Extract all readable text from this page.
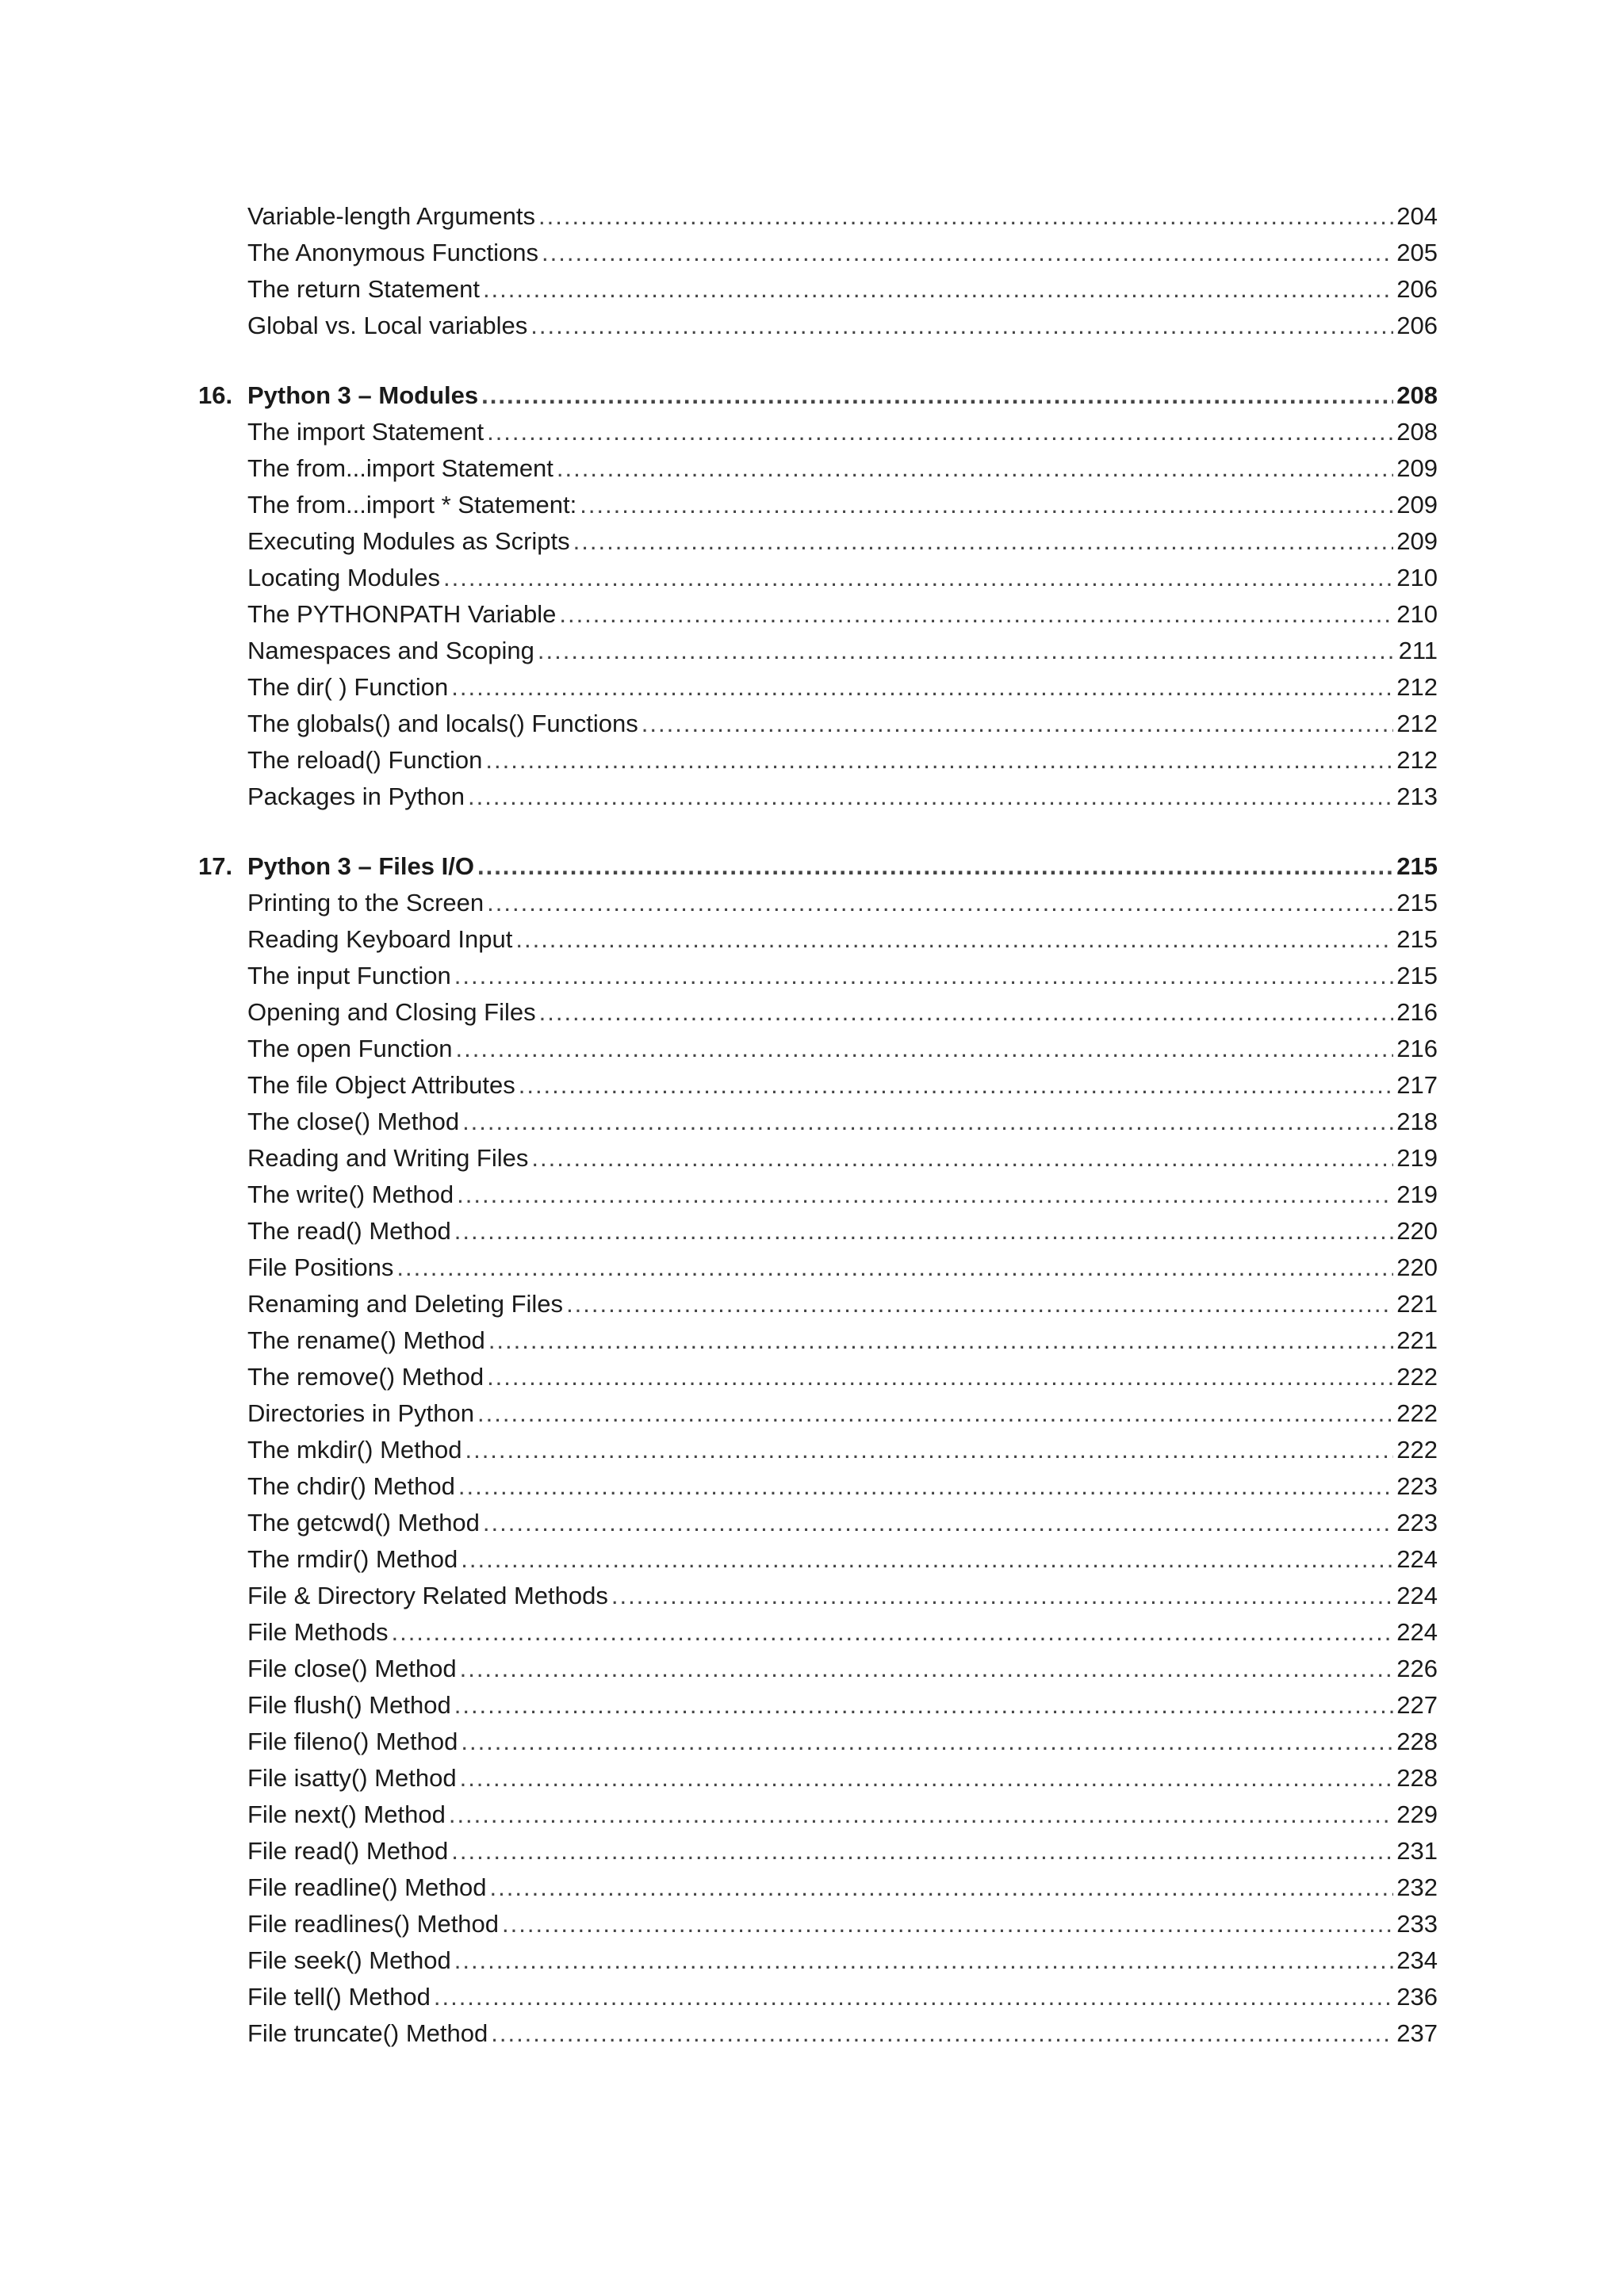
Variable-length Arguments .....	204
The Anonymous Functions .....	205
The return Statement .....	206
Global vs. Local variables .....	206
16. Python 3 – Modules .....	208
The import Statement .....	208
The from...import Statement .....	209
The from...import * Statement: .....	209
Executing Modules as Scripts .....	209
Locating Modules .....	210
The PYTHONPATH Variable .....	210
Namespaces and Scoping .....	211
The dir( ) Function .....	212
The globals() and locals() Functions .....	212
The reload() Function .....	212
Packages in Python .....	213
17. Python 3 – Files I/O .....	215
Printing to the Screen .....	215
Reading Keyboard Input .....	215
The input Function .....	215
Opening and Closing Files .....	216
The open Function .....	216
The file Object Attributes .....	217
The close() Method .....	218
Reading and Writing Files .....	219
The write() Method .....	219
The read() Method .....	220
File Positions .....	220
Renaming and Deleting Files .....	221
The rename() Method .....	221
The remove() Method .....	222
Directories in Python .....	222
The mkdir() Method .....	222
The chdir() Method .....	223
The getcwd() Method .....	223
The rmdir() Method .....	224
File & Directory Related Methods .....	224
File Methods .....	224
File close() Method .....	226
File flush() Method .....	227
File fileno() Method .....	228
File isatty() Method .....	228
File next() Method .....	229
File read() Method .....	231
File readline() Method .....	232
File readlines() Method .....	233
File seek() Method .....	234
File tell() Method .....	236
File truncate() Method .....	237
